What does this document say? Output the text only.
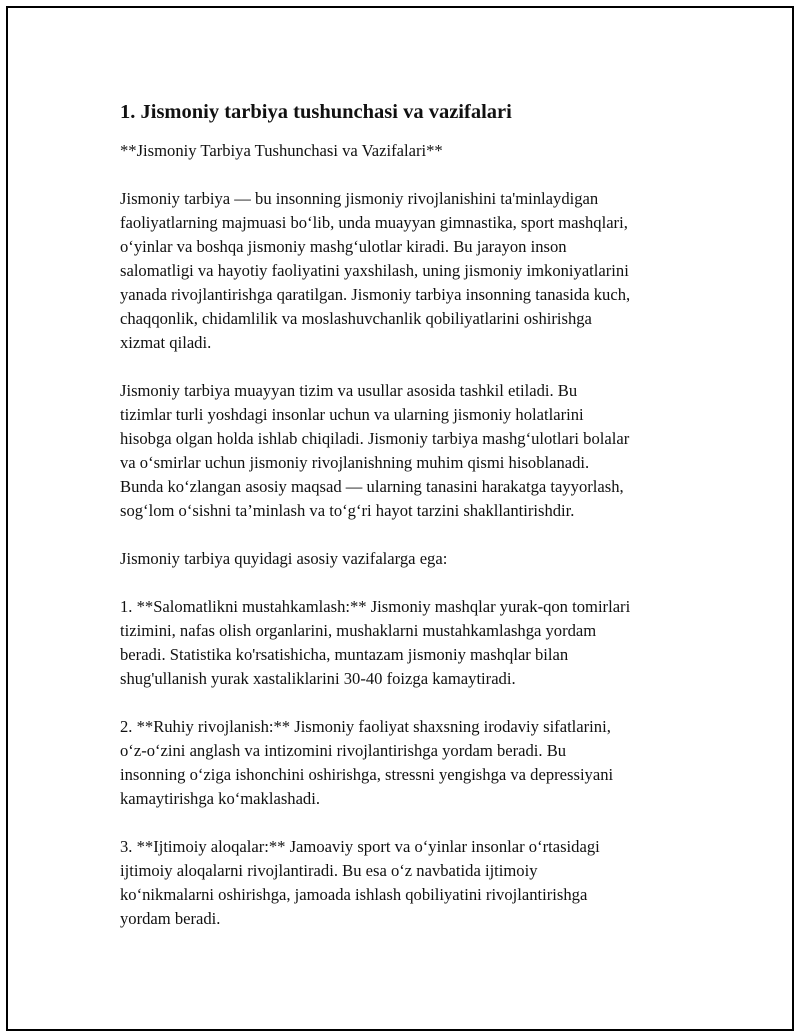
1. Jismoniy tarbiya tushunchasi va vazifalari
**Jismoniy Tarbiya Tushunchasi va Vazifalari**
Jismoniy tarbiya — bu insonning jismoniy rivojlanishini ta'minlaydigan
faoliyatlarning majmuasi bo‘lib, unda muayyan gimnastika, sport mashqlari,
o‘yinlar va boshqa jismoniy mashg‘ulotlar kiradi. Bu jarayon inson
salomatligi va hayotiy faoliyatini yaxshilash, uning jismoniy imkoniyatlarini
yanada rivojlantirishga qaratilgan. Jismoniy tarbiya insonning tanasida kuch,
chaqqonlik, chidamlilik va moslashuvchanlik qobiliyatlarini oshirishga
xizmat qiladi.
Jismoniy tarbiya muayyan tizim va usullar asosida tashkil etiladi. Bu
tizimlar turli yoshdagi insonlar uchun va ularning jismoniy holatlarini
hisobga olgan holda ishlab chiqiladi. Jismoniy tarbiya mashg‘ulotlari bolalar
va o‘smirlar uchun jismoniy rivojlanishning muhim qismi hisoblanadi.
Bunda ko‘zlangan asosiy maqsad — ularning tanasini harakatga tayyorlash,
sog‘lom o‘sishni ta’minlash va to‘g‘ri hayot tarzini shakllantirishdir.
Jismoniy tarbiya quyidagi asosiy vazifalarga ega:
1. **Salomatlikni mustahkamlash:** Jismoniy mashqlar yurak-qon tomirlari
tizimini, nafas olish organlarini, mushaklarni mustahkamlashga yordam
beradi. Statistika ko'rsatishicha, muntazam jismoniy mashqlar bilan
shug'ullanish yurak xastaliklarini 30-40 foizga kamaytiradi.
2. **Ruhiy rivojlanish:** Jismoniy faoliyat shaxsning irodaviy sifatlarini,
o‘z-o‘zini anglash va intizomini rivojlantirishga yordam beradi. Bu
insonning o‘ziga ishonchini oshirishga, stressni yengishga va depressiyani
kamaytirishga ko‘maklashadi.
3. **Ijtimoiy aloqalar:** Jamoaviy sport va o‘yinlar insonlar o‘rtasidagi
ijtimoiy aloqalarni rivojlantiradi. Bu esa o‘z navbatida ijtimoiy
ko‘nikmalarni oshirishga, jamoada ishlash qobiliyatini rivojlantirishga
yordam beradi.
